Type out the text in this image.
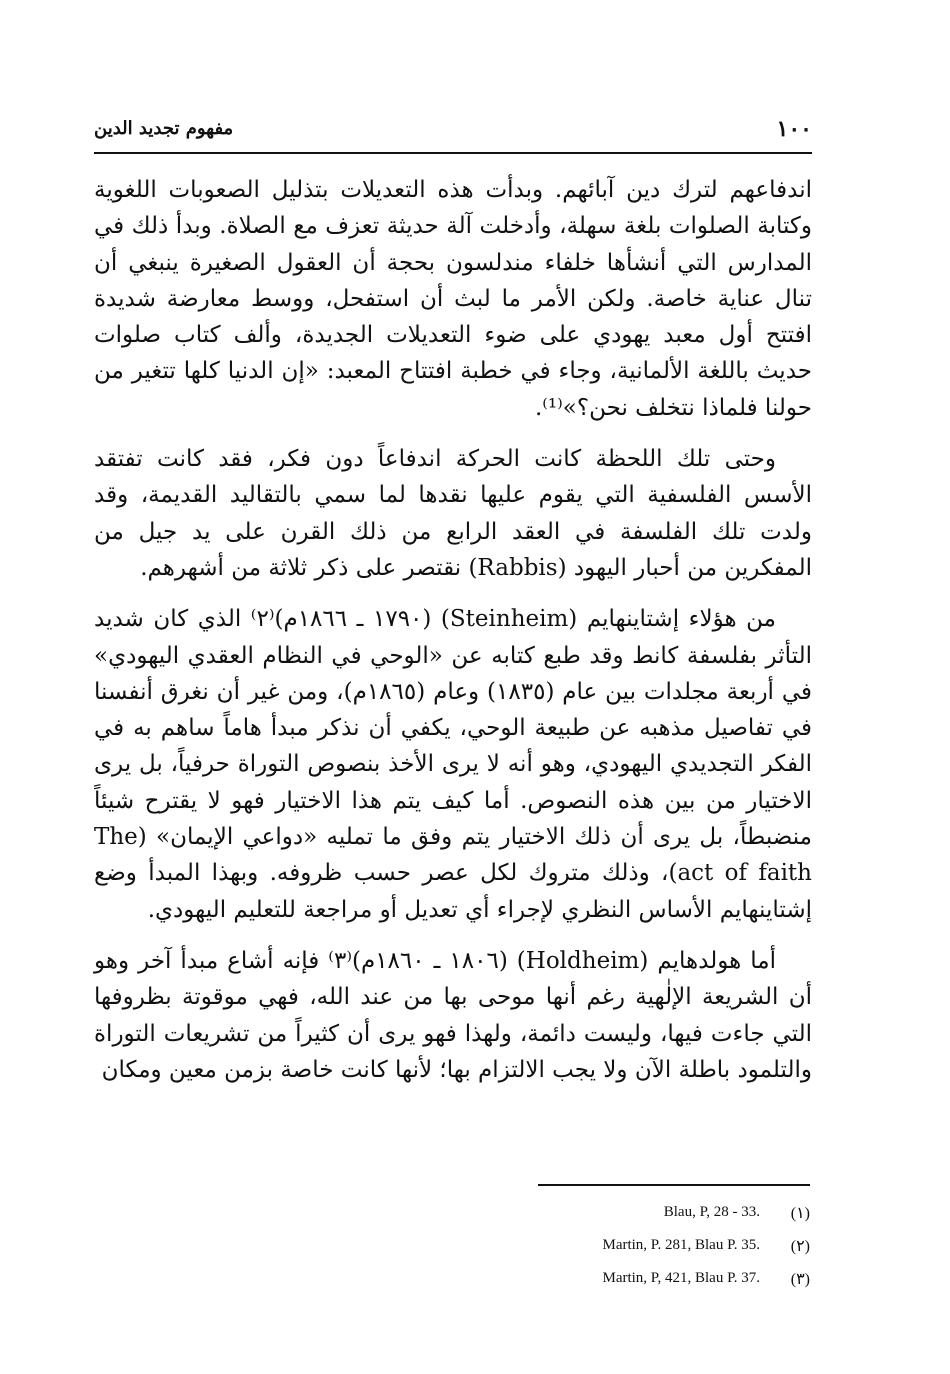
١٠٠
مفهوم تجديد الدين

اندفاعهم لترك دين آبائهم. وبدأت هذه التعديلات بتذليل الصعوبات اللغوية وكتابة الصلوات بلغة سهلة، وأدخلت آلة حديثة تعزف مع الصلاة. وبدأ ذلك في المدارس التي أنشأها خلفاء مندلسون بحجة أن العقول الصغيرة ينبغي أن تنال عناية خاصة. ولكن الأمر ما لبث أن استفحل، ووسط معارضة شديدة افتتح أول معبد يهودي على ضوء التعديلات الجديدة، وألف كتاب صلوات حديث باللغة الألمانية، وجاء في خطبة افتتاح المعبد: «إن الدنيا كلها تتغير من حولنا فلماذا نتخلف نحن؟»⁽¹⁾.

وحتى تلك اللحظة كانت الحركة اندفاعاً دون فكر، فقد كانت تفتقد الأسس الفلسفية التي يقوم عليها نقدها لما سمي بالتقاليد القديمة، وقد ولدت تلك الفلسفة في العقد الرابع من ذلك القرن على يد جيل من المفكرين من أحبار اليهود (Rabbis) نقتصر على ذكر ثلاثة من أشهرهم.

من هؤلاء إشتاينهايم (Steinheim) (١٧٩٠ ـ ١٨٦٦م)⁽٢⁾ الذي كان شديد التأثر بفلسفة كانط وقد طبع كتابه عن «الوحي في النظام العقدي اليهودي» في أربعة مجلدات بين عام (١٨٣٥) وعام (١٨٦٥م)، ومن غير أن نغرق أنفسنا في تفاصيل مذهبه عن طبيعة الوحي، يكفي أن نذكر مبدأ هاماً ساهم به في الفكر التجديدي اليهودي، وهو أنه لا يرى الأخذ بنصوص التوراة حرفياً، بل يرى الاختيار من بين هذه النصوص. أما كيف يتم هذا الاختيار فهو لا يقترح شيئاً منضبطاً، بل يرى أن ذلك الاختيار يتم وفق ما تمليه «دواعي الإيمان» (The act of faith)، وذلك متروك لكل عصر حسب ظروفه. وبهذا المبدأ وضع إشتاينهايم الأساس النظري لإجراء أي تعديل أو مراجعة للتعليم اليهودي.

أما هولدهايم (Holdheim) (١٨٠٦ ـ ١٨٦٠م)⁽٣⁾ فإنه أشاع مبدأ آخر وهو أن الشريعة الإلٰهية رغم أنها موحى بها من عند الله، فهي موقوتة بظروفها التي جاءت فيها، وليست دائمة، ولهذا فهو يرى أن كثيراً من تشريعات التوراة والتلمود باطلة الآن ولا يجب الالتزام بها؛ لأنها كانت خاصة بزمن معين ومكان

Blau, P, 28 - 33.	(١)
Martin, P. 281, Blau P. 35.	(٢)
Martin, P, 421, Blau P. 37.	(٣)
